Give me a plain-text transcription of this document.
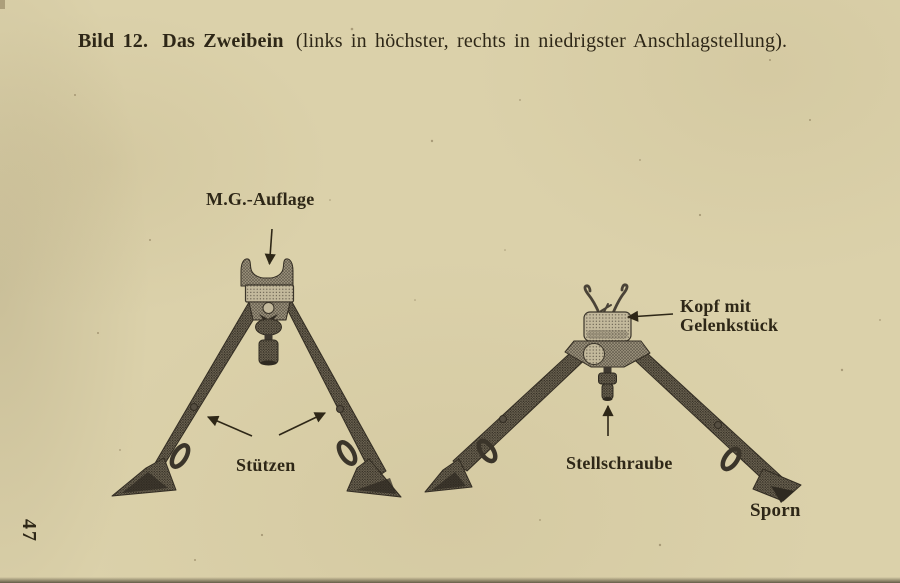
Bild 12. Das Zweibein (links in höchster, rechts in niedrigster Anschlagstellung).
M.G.-Auflage
Kopf mit
Gelenkstück
Stützen	Stellschraube
Sporn
47
